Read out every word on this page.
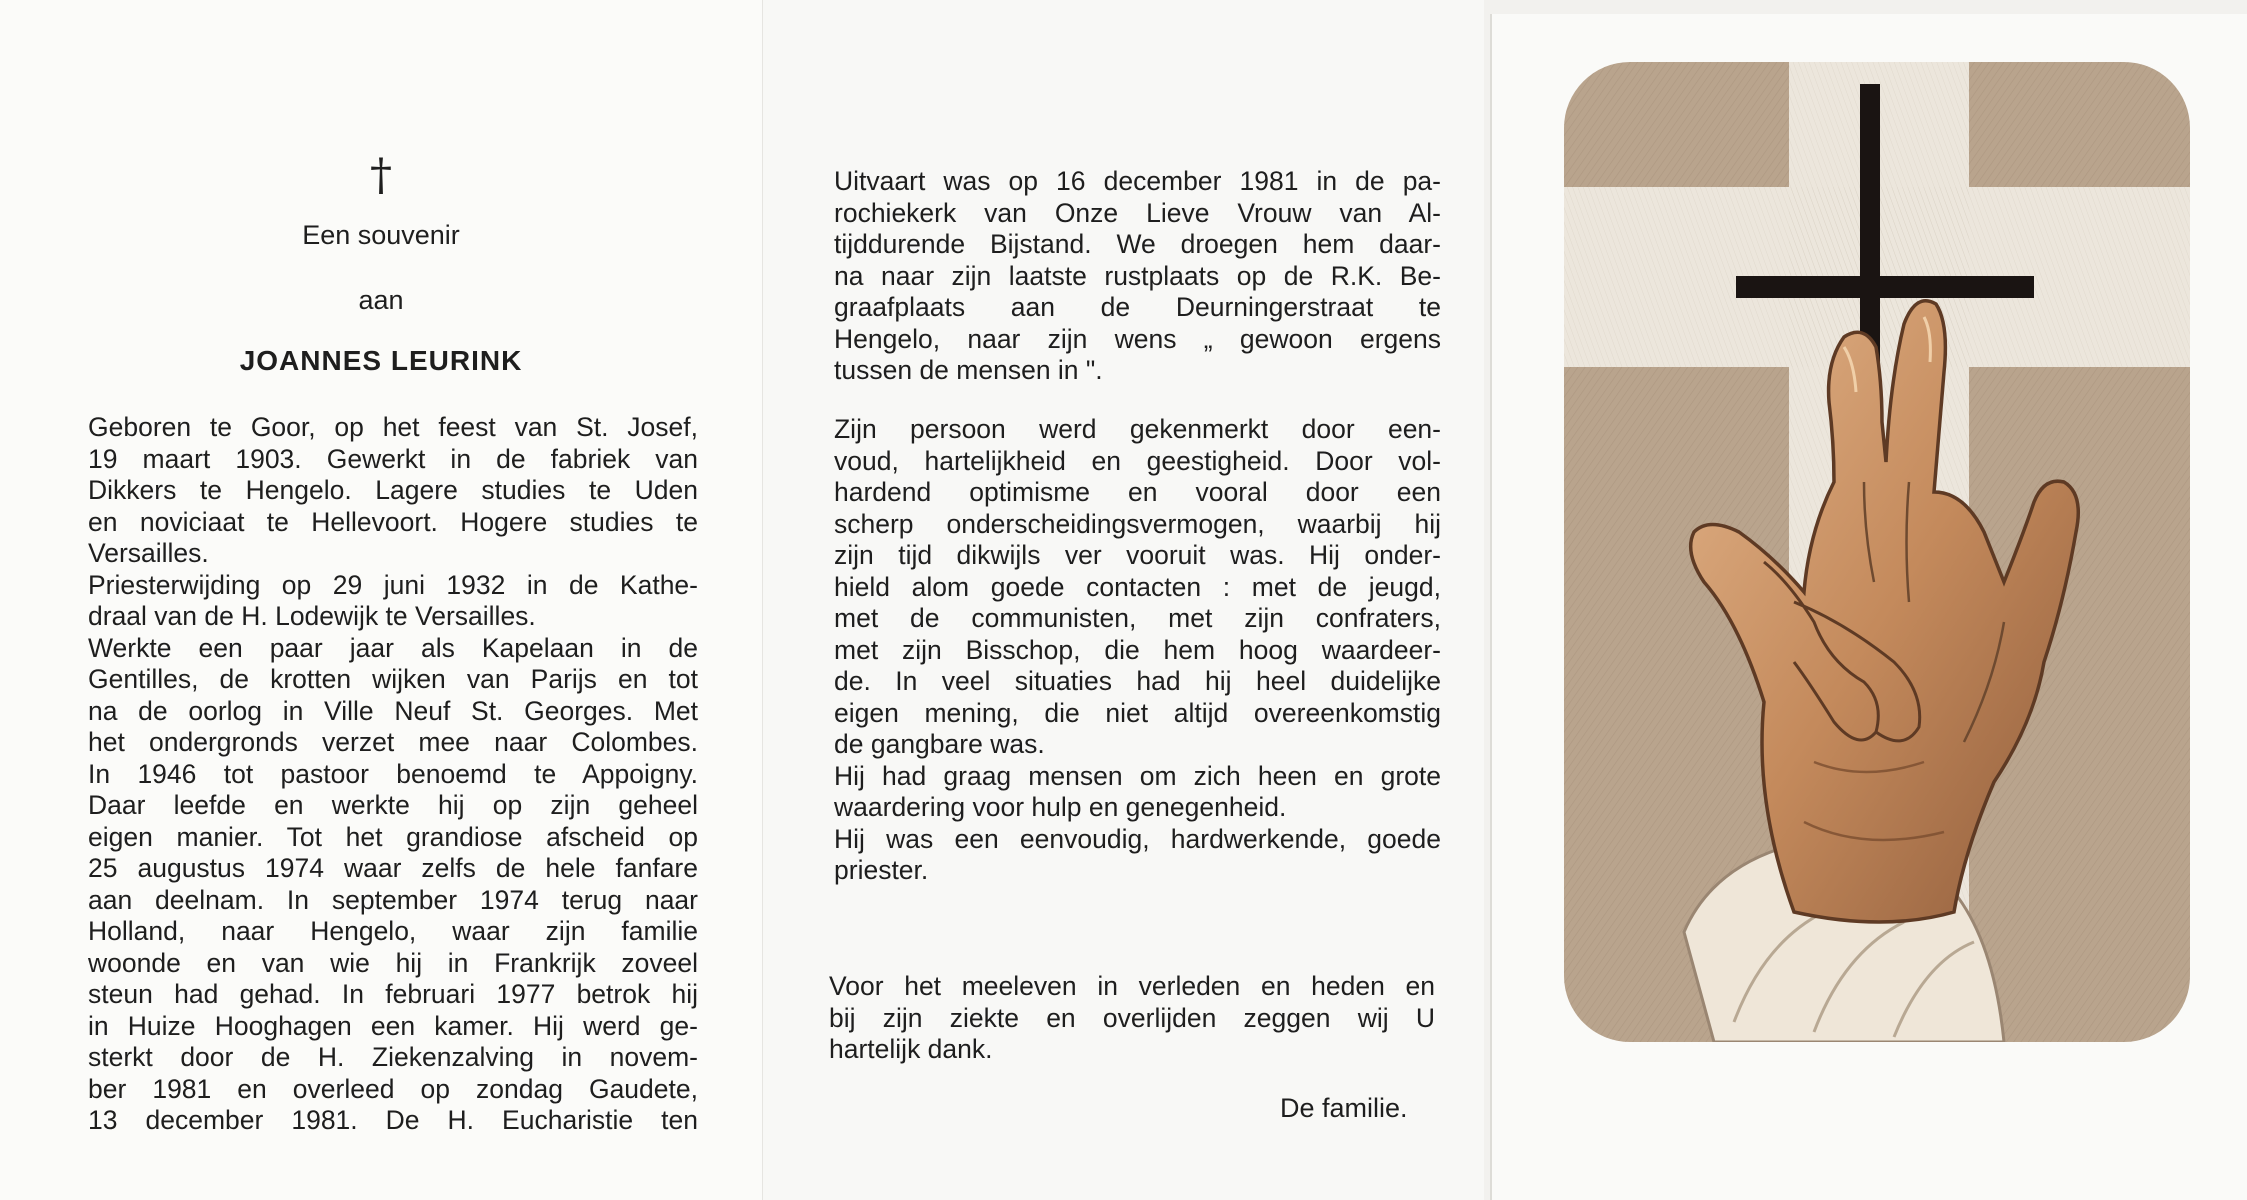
†
Een souvenir
aan
JOANNES LEURINK
Geboren te Goor, op het feest van St. Josef,
19 maart 1903. Gewerkt in de fabriek van
Dikkers te Hengelo. Lagere studies te Uden
en noviciaat te Hellevoort. Hogere studies te
Versailles.
Priesterwijding op 29 juni 1932 in de Kathe-
draal van de H. Lodewijk te Versailles.
Werkte een paar jaar als Kapelaan in de
Gentilles, de krotten wijken van Parijs en tot
na de oorlog in Ville Neuf St. Georges. Met
het ondergronds verzet mee naar Colombes.
In 1946 tot pastoor benoemd te Appoigny.
Daar leefde en werkte hij op zijn geheel
eigen manier. Tot het grandiose afscheid op
25 augustus 1974 waar zelfs de hele fanfare
aan deelnam. In september 1974 terug naar
Holland, naar Hengelo, waar zijn familie
woonde en van wie hij in Frankrijk zoveel
steun had gehad. In februari 1977 betrok hij
in Huize Hooghagen een kamer. Hij werd ge-
sterkt door de H. Ziekenzalving in novem-
ber 1981 en overleed op zondag Gaudete,
13 december 1981. De H. Eucharistie ten
Uitvaart was op 16 december 1981 in de pa-
rochiekerk van Onze Lieve Vrouw van Al-
tijddurende Bijstand. We droegen hem daar-
na naar zijn laatste rustplaats op de R.K. Be-
graafplaats aan de Deurningerstraat te
Hengelo, naar zijn wens „ gewoon ergens
tussen de mensen in ".
Zijn persoon werd gekenmerkt door een-
voud, hartelijkheid en geestigheid. Door vol-
hardend optimisme en vooral door een
scherp onderscheidingsvermogen, waarbij hij
zijn tijd dikwijls ver vooruit was. Hij onder-
hield alom goede contacten : met de jeugd,
met de communisten, met zijn confraters,
met zijn Bisschop, die hem hoog waardeer-
de. In veel situaties had hij heel duidelijke
eigen mening, die niet altijd overeenkomstig
de gangbare was.
Hij had graag mensen om zich heen en grote
waardering voor hulp en genegenheid.
Hij was een eenvoudig, hardwerkende, goede
priester.
Voor het meeleven in verleden en heden en
bij zijn ziekte en overlijden zeggen wij U
hartelijk dank.
De familie.
